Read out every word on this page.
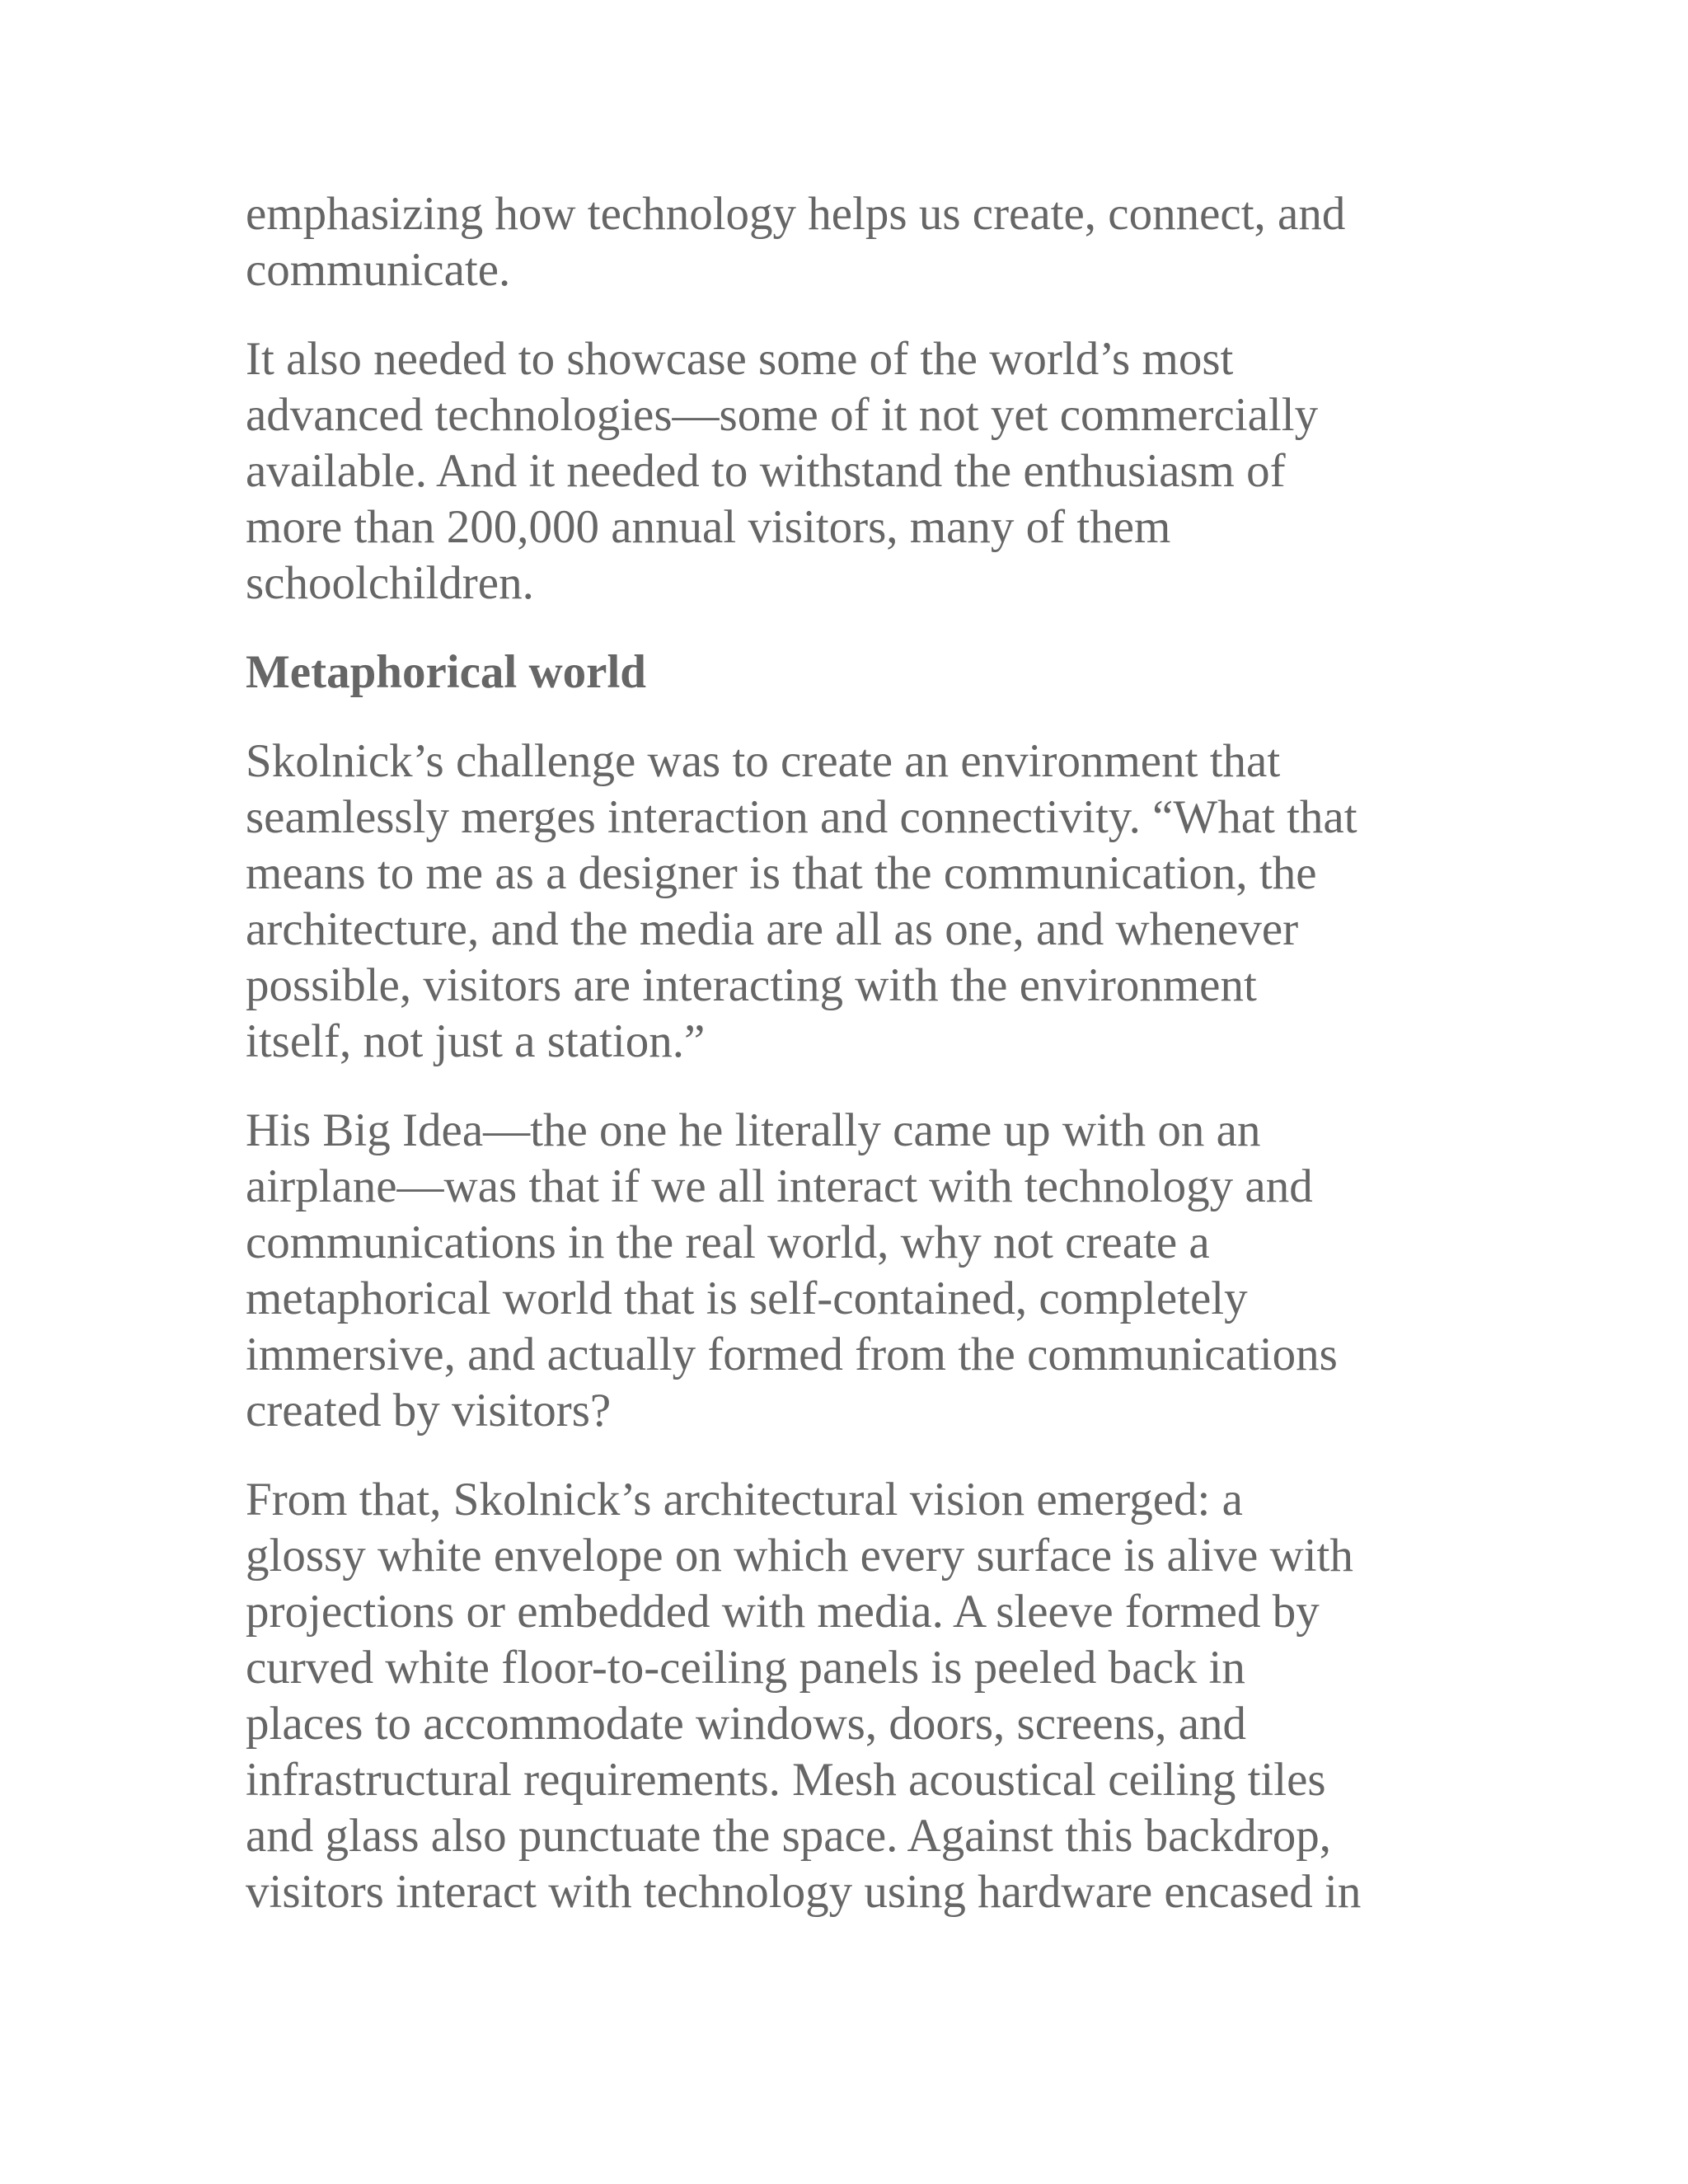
emphasizing how technology helps us create, connect, and
communicate.
It also needed to showcase some of the world’s most
advanced technologies—some of it not yet commercially
available. And it needed to withstand the enthusiasm of
more than 200,000 annual visitors, many of them
schoolchildren.
Metaphorical world
Skolnick’s challenge was to create an environment that
seamlessly merges interaction and connectivity. “What that
means to me as a designer is that the communication, the
architecture, and the media are all as one, and whenever
possible, visitors are interacting with the environment
itself, not just a station.”
His Big Idea—the one he literally came up with on an
airplane—was that if we all interact with technology and
communications in the real world, why not create a
metaphorical world that is self-contained, completely
immersive, and actually formed from the communications
created by visitors?
From that, Skolnick’s architectural vision emerged: a
glossy white envelope on which every surface is alive with
projections or embedded with media. A sleeve formed by
curved white floor-to-ceiling panels is peeled back in
places to accommodate windows, doors, screens, and
infrastructural requirements. Mesh acoustical ceiling tiles
and glass also punctuate the space. Against this backdrop,
visitors interact with technology using hardware encased in
